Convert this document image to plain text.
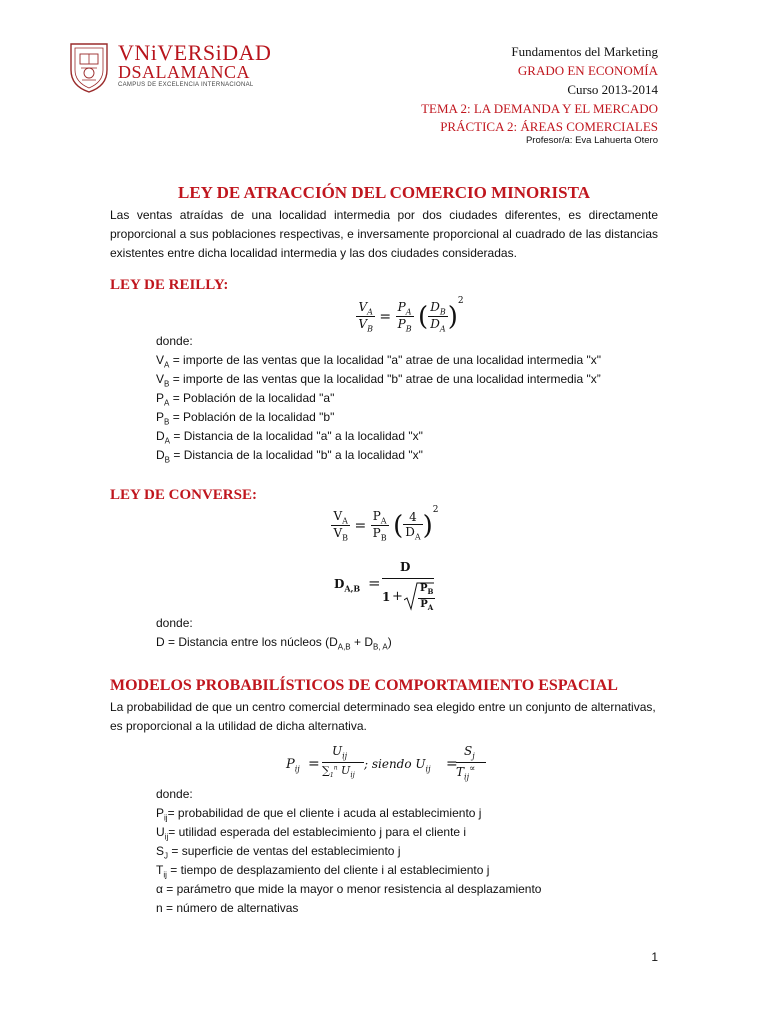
VNiVERSiDAD
DSALAMANCA
CAMPUS DE EXCELENCIA INTERNACIONAL
Fundamentos del Marketing
GRADO EN ECONOMÍA
Curso 2013-2014
TEMA 2: LA DEMANDA Y EL MERCADO
PRÁCTICA 2: ÁREAS COMERCIALES
Profesor/a: Eva Lahuerta Otero
LEY DE ATRACCIÓN DEL COMERCIO MINORISTA
Las ventas atraídas de una localidad intermedia por dos ciudades diferentes, es directamente proporcional a sus poblaciones respectivas, e inversamente proporcional al cuadrado de las distancias existentes entre dicha localidad intermedia y las dos ciudades consideradas.
LEY DE REILLY:
$\frac{V_A}{V_B} = \frac{P_A}{P_B}$ ( $\frac{D_B}{D_A} )^2$
donde:
$V_A$ = importe de las ventas que la localidad "a" atrae de una localidad intermedia "x"
$V_B$ = importe de las ventas que la localidad "b" atrae de una localidad intermedia "x”
$P_A$ = Población de la localidad "a"
$P_B$ = Población de la localidad "b"
$D_A$ = Distancia de la localidad "a" a la localidad "x"
$D_B$ = Distancia de la localidad "b" a la localidad "x"
LEY DE CONVERSE:
$\frac{V_A}{V_B} = \frac{P_A}{P_B}$ ( $\frac{4}{D_A} )^2$
$D_{A,B}$ =
D
$1 + \frac{P_B}{P_A}$
donde:
D = Distancia entre los núcleos $(D_{A,B} + D_{B, A})$
MODELOS PROBABILÍSTICOS DE COMPORTAMIENTO ESPACIAL
La probabilidad de que un centro comercial determinado sea elegido entre un conjunto de alternativas, es proporcional a la utilidad de dicha alternativa.
$P_{ij}$ =
$U_{ij}$
$\sum_1^n$ $U_{ij}$
; siendo $U_{ij}$ =
$S_j$
$T_{ij}^\propto$
donde:
$P_{ij}=$ probabilidad de que el cliente i acuda al establecimiento j
$U_{ij}=$ utilidad esperada del establecimiento j para el cliente i
$S_J$ = superficie de ventas del establecimiento j
$T_{ij}$ = tiempo de desplazamiento del cliente i al establecimiento j
α = parámetro que mide la mayor o menor resistencia al desplazamiento
n = número de alternativas
1
